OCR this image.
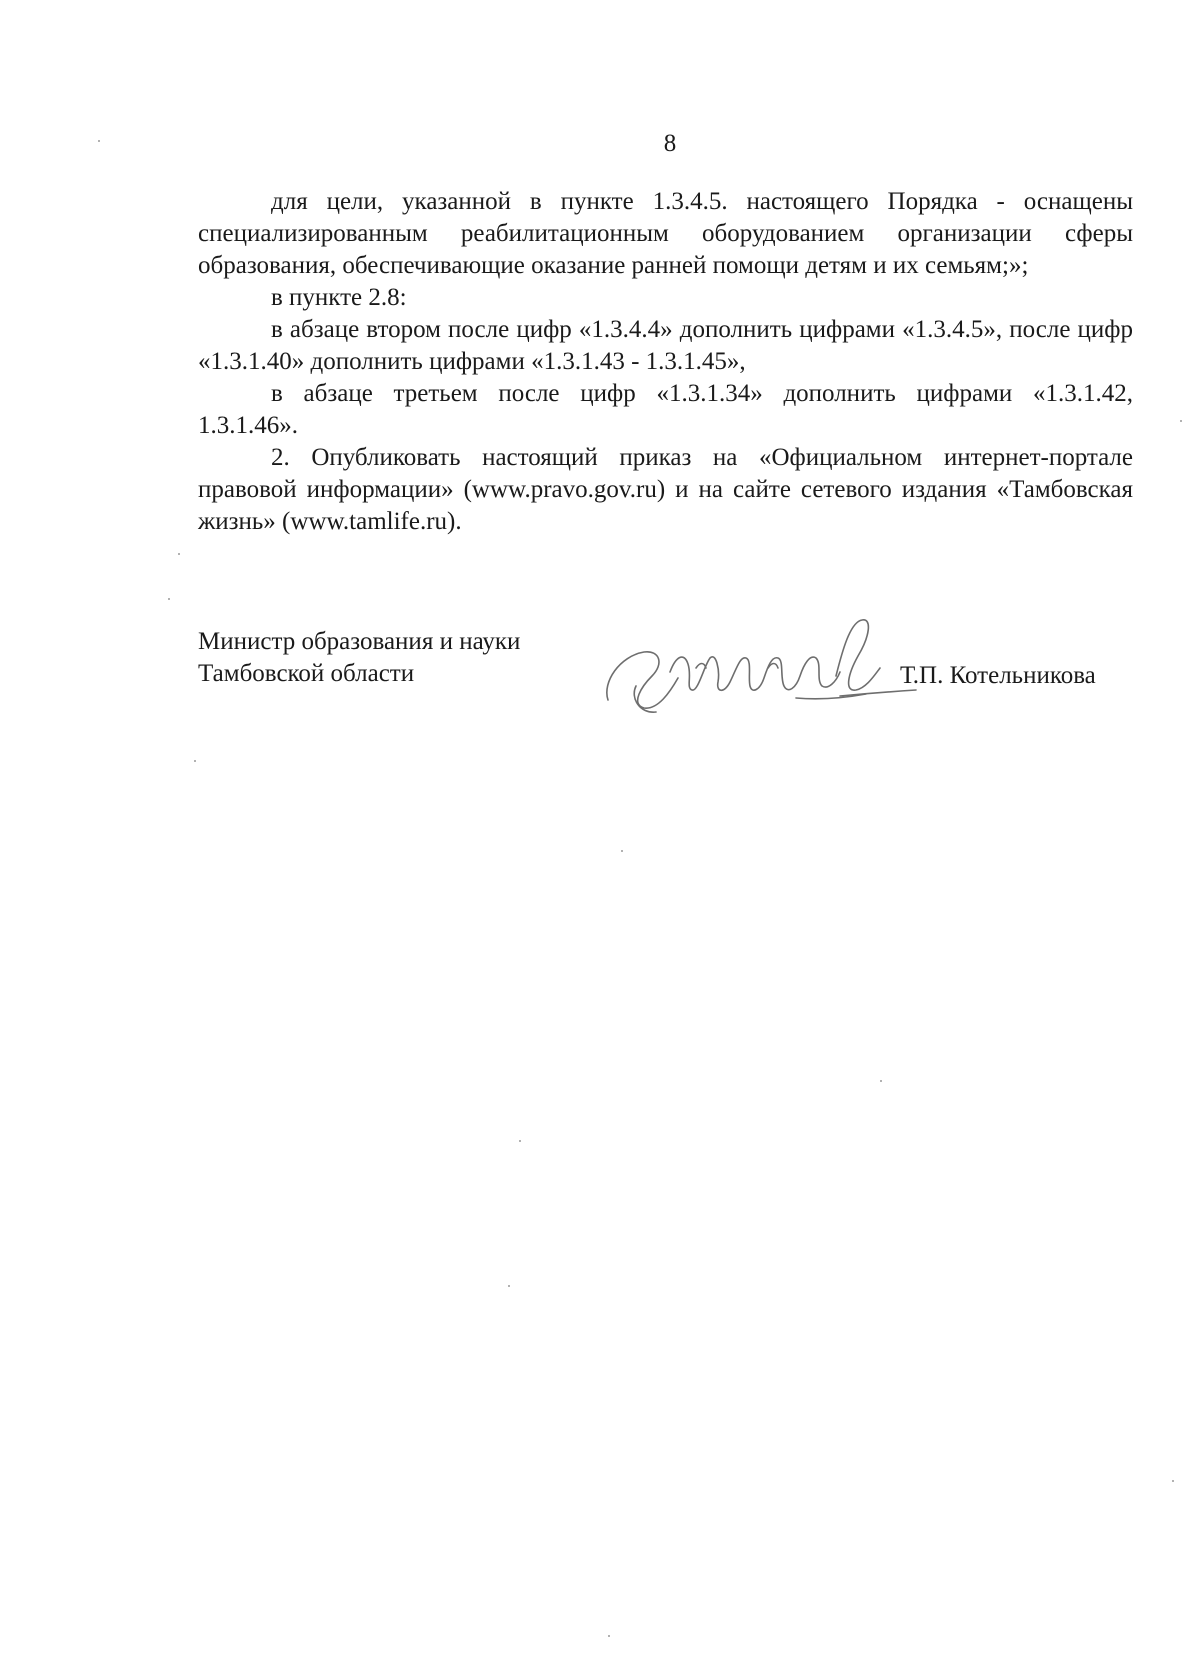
8

для цели, указанной в пункте 1.3.4.5. настоящего Порядка - оснащены специализированным реабилитационным оборудованием организации сферы образования, обеспечивающие оказание ранней помощи детям и их семьям;»;

в пункте 2.8:

в абзаце втором после цифр «1.3.4.4» дополнить цифрами «1.3.4.5», после цифр «1.3.1.40» дополнить цифрами «1.3.1.43 - 1.3.1.45»,

в абзаце третьем после цифр «1.3.1.34» дополнить цифрами «1.3.1.42,

1.3.1.46».

2. Опубликовать настоящий приказ на «Официальном интернет-портале правовой информации» (www.pravo.gov.ru) и на сайте сетевого издания «Тамбовская жизнь» (www.tamlife.ru).

Министр образования и науки
Тамбовской области	Т.П. Котельникова
